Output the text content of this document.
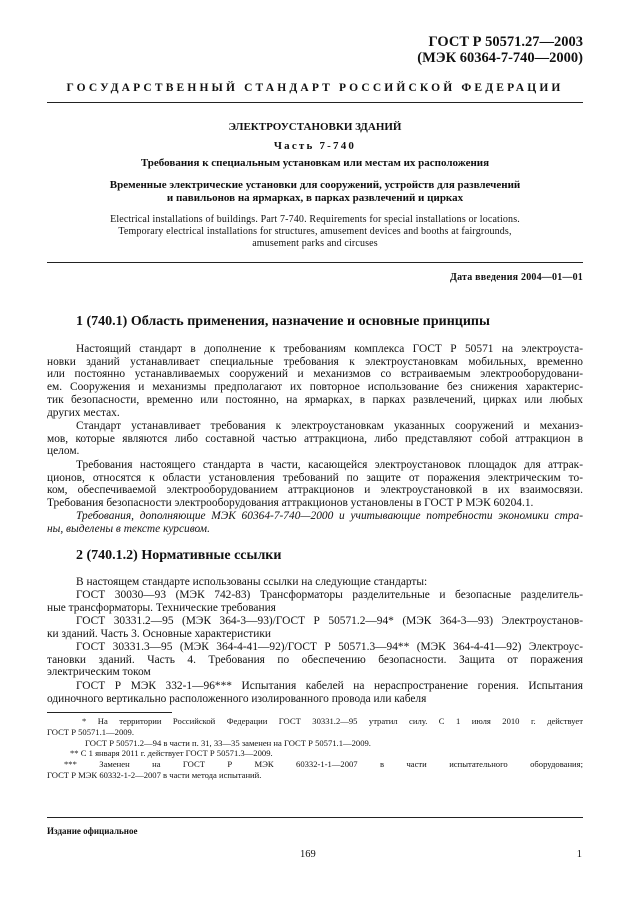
ГОСТ Р 50571.27—2003
(МЭК 60364-7-740—2000)
ГОСУДАРСТВЕННЫЙ СТАНДАРТ РОССИЙСКОЙ ФЕДЕРАЦИИ
ЭЛЕКТРОУСТАНОВКИ ЗДАНИЙ
Часть 7-740
Требования к специальным установкам или местам их расположения
Временные электрические установки для сооружений, устройств для развлечений
и павильонов на ярмарках, в парках развлечений и цирках
Electrical installations of buildings. Part 7-740. Requirements for special installations or locations.
Temporary electrical installations for structures, amusement devices and booths at fairgrounds,
amusement parks and circuses
Дата введения 2004—01—01
1 (740.1) Область применения, назначение и основные принципы
Настоящий стандарт в дополнение к требованиям комплекса ГОСТ Р 50571 на электроуста-
новки зданий устанавливает специальные требования к электроустановкам мобильных, временно
или постоянно устанавливаемых сооружений и механизмов со встраиваемым электрооборудовани-
ем. Сооружения и механизмы предполагают их повторное использование без снижения характерис-
тик безопасности, временно или постоянно, на ярмарках, в парках развлечений, цирках или любых
других местах.
Стандарт устанавливает требования к электроустановкам указанных сооружений и механиз-
мов, которые являются либо составной частью аттракциона, либо представляют собой аттракцион в
целом.
Требования настоящего стандарта в части, касающейся электроустановок площадок для аттрак-
ционов, относятся к области установления требований по защите от поражения электрическим то-
ком, обеспечиваемой электрооборудованием аттракционов и электроустановкой в их взаимосвязи.
Требования безопасности электрооборудования аттракционов установлены в ГОСТ Р МЭК 60204.1.
Требования, дополняющие МЭК 60364-7-740—2000 и учитывающие потребности экономики стра-
ны, выделены в тексте курсивом.
2 (740.1.2) Нормативные ссылки
В настоящем стандарте использованы ссылки на следующие стандарты:
ГОСТ 30030—93 (МЭК 742-83) Трансформаторы разделительные и безопасные разделитель-
ные трансформаторы. Технические требования
ГОСТ 30331.2—95 (МЭК 364-3—93)/ГОСТ Р 50571.2—94* (МЭК 364-3—93) Электроустанов-
ки зданий. Часть 3. Основные характеристики
ГОСТ 30331.3—95 (МЭК 364-4-41—92)/ГОСТ Р 50571.3—94** (МЭК 364-4-41—92) Электроус-
тановки зданий. Часть 4. Требования по обеспечению безопасности. Защита от поражения
электрическим током
ГОСТ Р МЭК 332-1—96*** Испытания кабелей на нераспространение горения. Испытания
одиночного вертикально расположенного изолированного провода или кабеля
* На территории Российской Федерации ГОСТ 30331.2—95 утратил силу. С 1 июля 2010 г. действует
ГОСТ Р 50571.1—2009.
ГОСТ Р 50571.2—94 в части п. 31, 33—35 заменен на ГОСТ Р 50571.1—2009.
** С 1 января 2011 г. действует ГОСТ Р 50571.3—2009.
*** Заменен на ГОСТ Р МЭК 60332-1-1—2007 в части испытательного оборудования;
ГОСТ Р МЭК 60332-1-2—2007 в части метода испытаний.
Издание официальное
169	1
